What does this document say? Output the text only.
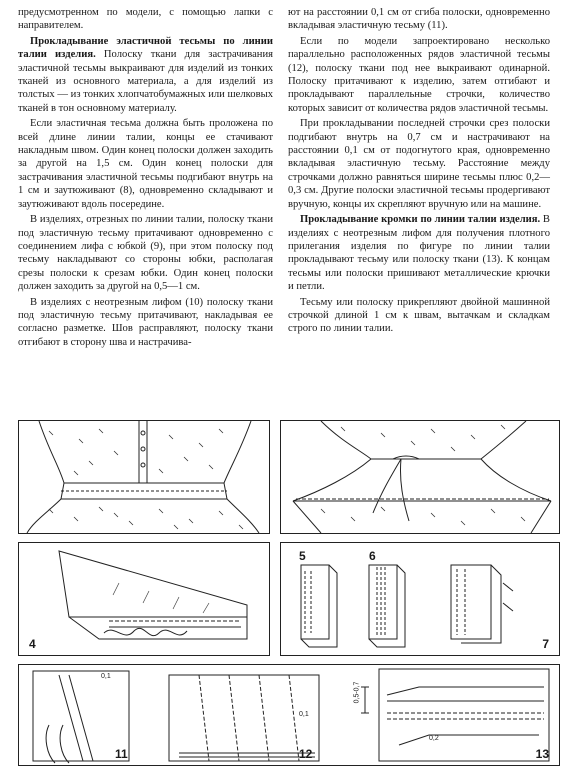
предусмотренном по модели, с помощью лапки с направителем.

Прокладывание эластичной тесьмы по линии талии изделия. Полоску ткани для застрачивания эластичной тесьмы выкраивают для изделий из тонких тканей из основного материала, а для изделий из толстых — из тонких хлопчатобумажных или шелковых тканей в тон основному материалу.

Если эластичная тесьма должна быть проложена по всей длине линии талии, концы ее стачивают накладным швом. Один конец полоски должен заходить за другой на 1,5 см. Один конец полоски для застрачивания эластичной тесьмы подгибают внутрь на 1 см и заутюживают (8), одновременно складывают и заутюживают вдоль посередине.

В изделиях, отрезных по линии талии, полоску ткани под эластичную тесьму притачивают одновременно с соединением лифа с юбкой (9), при этом полоску под тесьму накладывают со стороны юбки, располагая срезы полоски к срезам юбки. Один конец полоски должен заходить за другой на 0,5—1 см.

В изделиях с неотрезным лифом (10) полоску ткани под эластичную тесьму притачивают, накладывая ее согласно разметке. Шов расправляют, полоску ткани отгибают в сторону шва и настрачива-

ют на расстоянии 0,1 см от сгиба полоски, одновременно вкладывая эластичную тесьму (11).

Если по модели запроектировано несколько параллельно расположенных рядов эластичной тесьмы (12), полоску ткани под нее выкраивают одинарной. Полоску притачивают к изделию, затем отгибают и прокладывают параллельные строчки, количество которых зависит от количества рядов эластичной тесьмы.

При прокладывании последней строчки срез полоски подгибают внутрь на 0,7 см и настрачивают на расстоянии 0,1 см от подогнутого края, одновременно вкладывая эластичную тесьму. Расстояние между строчками должно равняться ширине тесьмы плюс 0,2—0,3 см. Другие полоски эластичной тесьмы продергивают вручную, концы их скрепляют вручную или на машине.

Прокладывание кромки по линии талии изделия. В изделиях с неотрезным лифом для получения плотного прилегания изделия по фигуре по линии талии прокладывают тесьму или полоску ткани (13). К концам тесьмы или полоски пришивают металлические крючки и петли.

Тесьму или полоску прикрепляют двойной машинной строчкой длиной 1 см к швам, вытачкам и складкам строго по линии талии.

4
5	6
7
11	12	13
0,1
0,1
0,5-0,7
0,2
